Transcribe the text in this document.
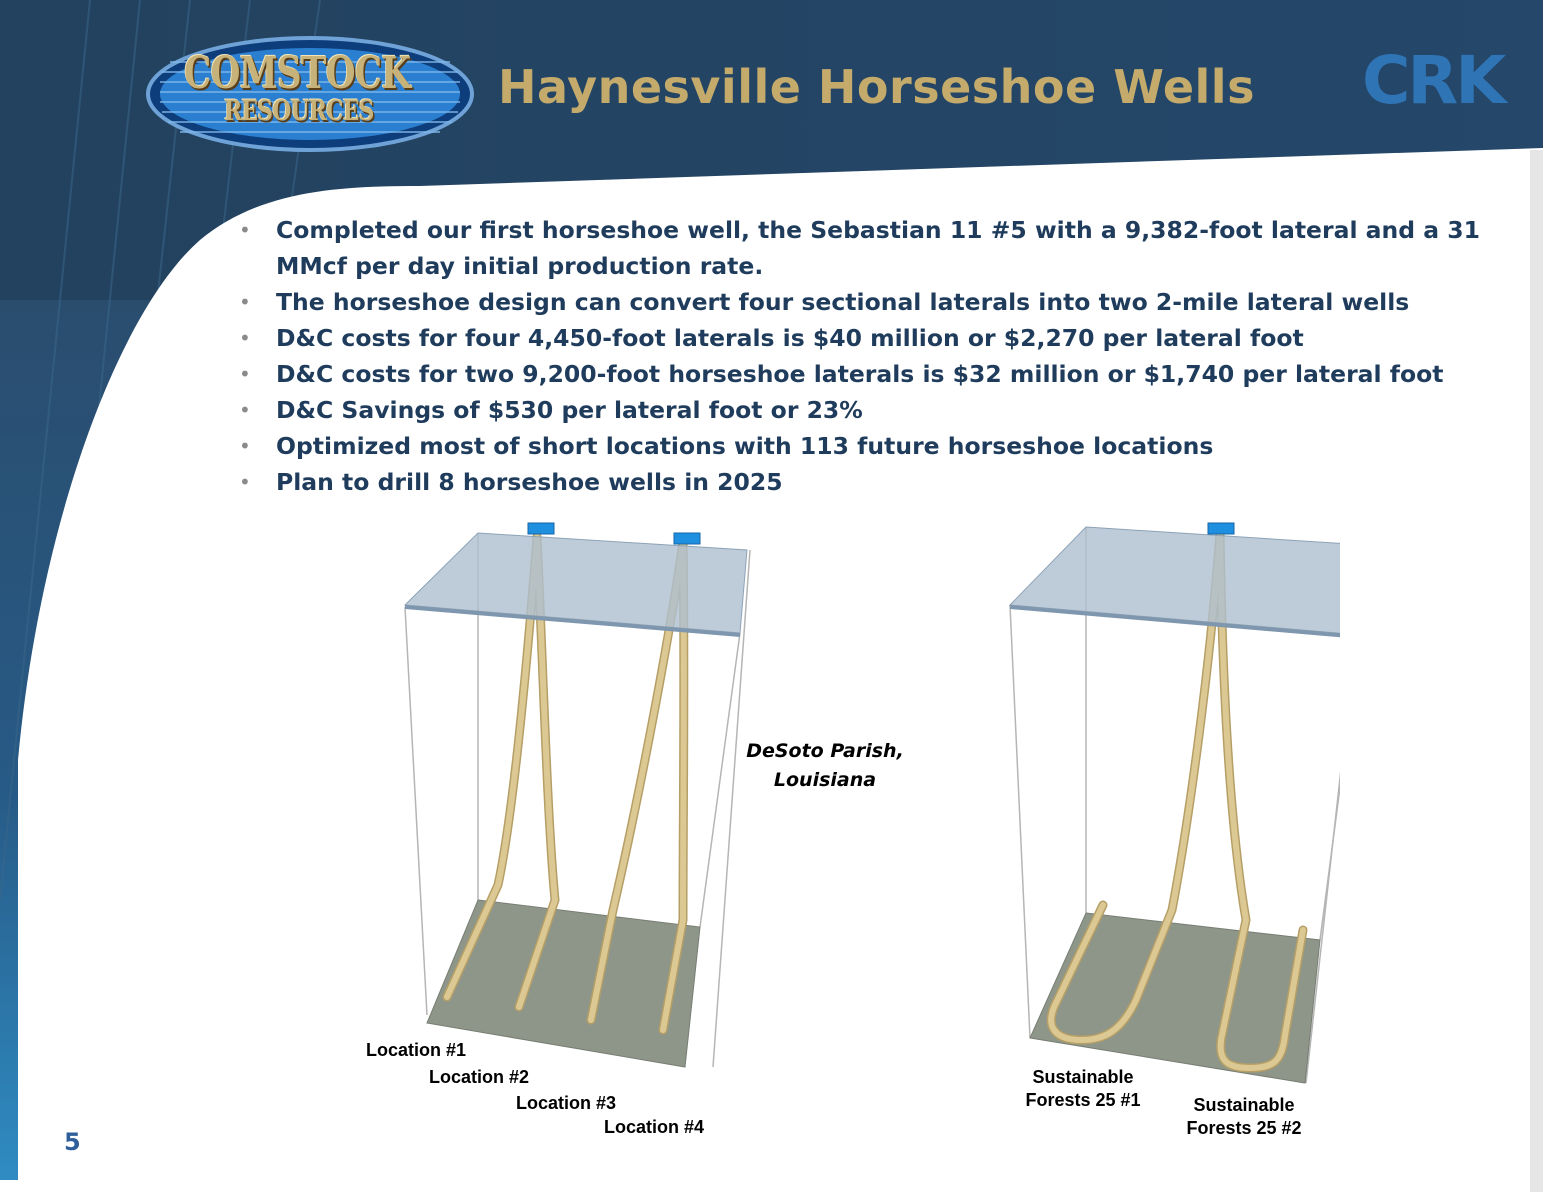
COMSTOCK
RESOURCES	Haynesville Horseshoe Wells CRK
• Completed our first horseshoe well, the Sebastian 11 #5 with a 9,382-foot lateral and a 31 MMcf per day initial production rate.
• The horseshoe design can convert four sectional laterals into two 2-mile lateral wells
• D&C costs for four 4,450-foot laterals is $40 million or $2,270 per lateral foot
• D&C costs for two 9,200-foot horseshoe laterals is $32 million or $1,740 per lateral foot
• D&C Savings of $530 per lateral foot or 23%
• Optimized most of short locations with 113 future horseshoe locations
• Plan to drill 8 horseshoe wells in 2025
Location #1
Location #2
Location #3
Location #4
DeSoto Parish,
Louisiana
Sustainable
Forests 25 #1	Sustainable
Forests 25 #2
5
